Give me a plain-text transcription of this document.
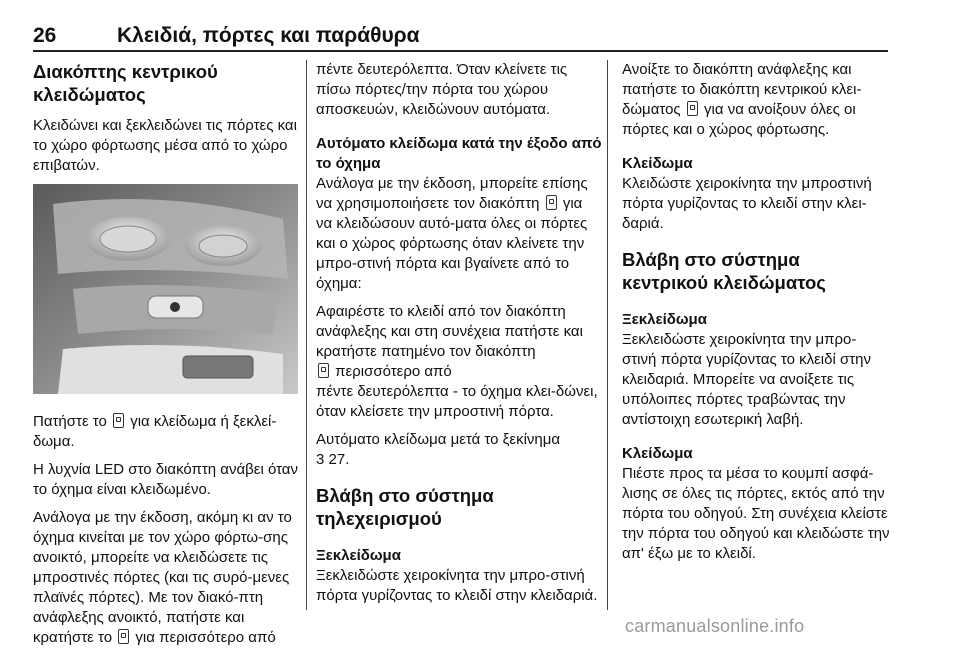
26	Κλειδιά, πόρτες και παράθυρα
Διακόπτης κεντρικού κλειδώματος

Κλειδώνει και ξεκλειδώνει τις πόρτες και το χώρο φόρτωσης μέσα από το χώρο επιβατών.

Πατήστε το για κλείδωμα ή ξεκλεί-δωμα.

Η λυχνία LED στο διακόπτη ανάβει όταν το όχημα είναι κλειδωμένο.

Ανάλογα με την έκδοση, ακόμη κι αν το όχημα κινείται με τον χώρο φόρτω-σης ανοικτό, μπορείτε να κλειδώσετε τις μπροστινές πόρτες (και τις συρό-μενες πλαϊνές πόρτες). Με τον διακό-πτη ανάφλεξης ανοικτό, πατήστε και κρατήστε το για περισσότερο από

πέντε δευτερόλεπτα. Όταν κλείνετε τις πίσω πόρτες/την πόρτα του χώρου αποσκευών, κλειδώνουν αυτόματα.

Αυτόματο κλείδωμα κατά την έξοδο από το όχημα

Ανάλογα με την έκδοση, μπορείτε επίσης να χρησιμοποιήσετε τον διακόπτη για να κλειδώσουν αυτό-ματα όλες οι πόρτες και ο χώρος φόρτωσης όταν κλείνετε την μπρο-στινή πόρτα και βγαίνετε από το όχημα:

Αφαιρέστε το κλειδί από τον διακόπτη ανάφλεξης και στη συνέχεια πατήστε και κρατήστε πατημένο τον διακόπτη
περισσότερο από
πέντε δευτερόλεπτα - το όχημα κλει-δώνει, όταν κλείσετε την μπροστινή πόρτα.

Αυτόματο κλείδωμα μετά το ξεκίνημα
3 27.

Βλάβη στο σύστημα τηλεχειρισμού
Ξεκλείδωμα

Ξεκλειδώστε χειροκίνητα την μπρο-στινή πόρτα γυρίζοντας το κλειδί στην κλειδαριά.

Ανοίξτε το διακόπτη ανάφλεξης και πατήστε το διακόπτη κεντρικού κλει-δώματος για να ανοίξουν όλες οι πόρτες και ο χώρος φόρτωσης.

Κλείδωμα

Κλειδώστε χειροκίνητα την μπροστινή πόρτα γυρίζοντας το κλειδί στην κλει-δαριά.

Βλάβη στο σύστημα κεντρικού κλειδώματος
Ξεκλείδωμα

Ξεκλειδώστε χειροκίνητα την μπρο-στινή πόρτα γυρίζοντας το κλειδί στην κλειδαριά. Μπορείτε να ανοίξετε τις υπόλοιπες πόρτες τραβώντας την αντίστοιχη εσωτερική λαβή.

Κλείδωμα

Πιέστε προς τα μέσα το κουμπί ασφά-λισης σε όλες τις πόρτες, εκτός από την πόρτα του οδηγού. Στη συνέχεια κλείστε την πόρτα του οδηγού και κλειδώστε την απ' έξω με το κλειδί.

carmanualsonline.info
